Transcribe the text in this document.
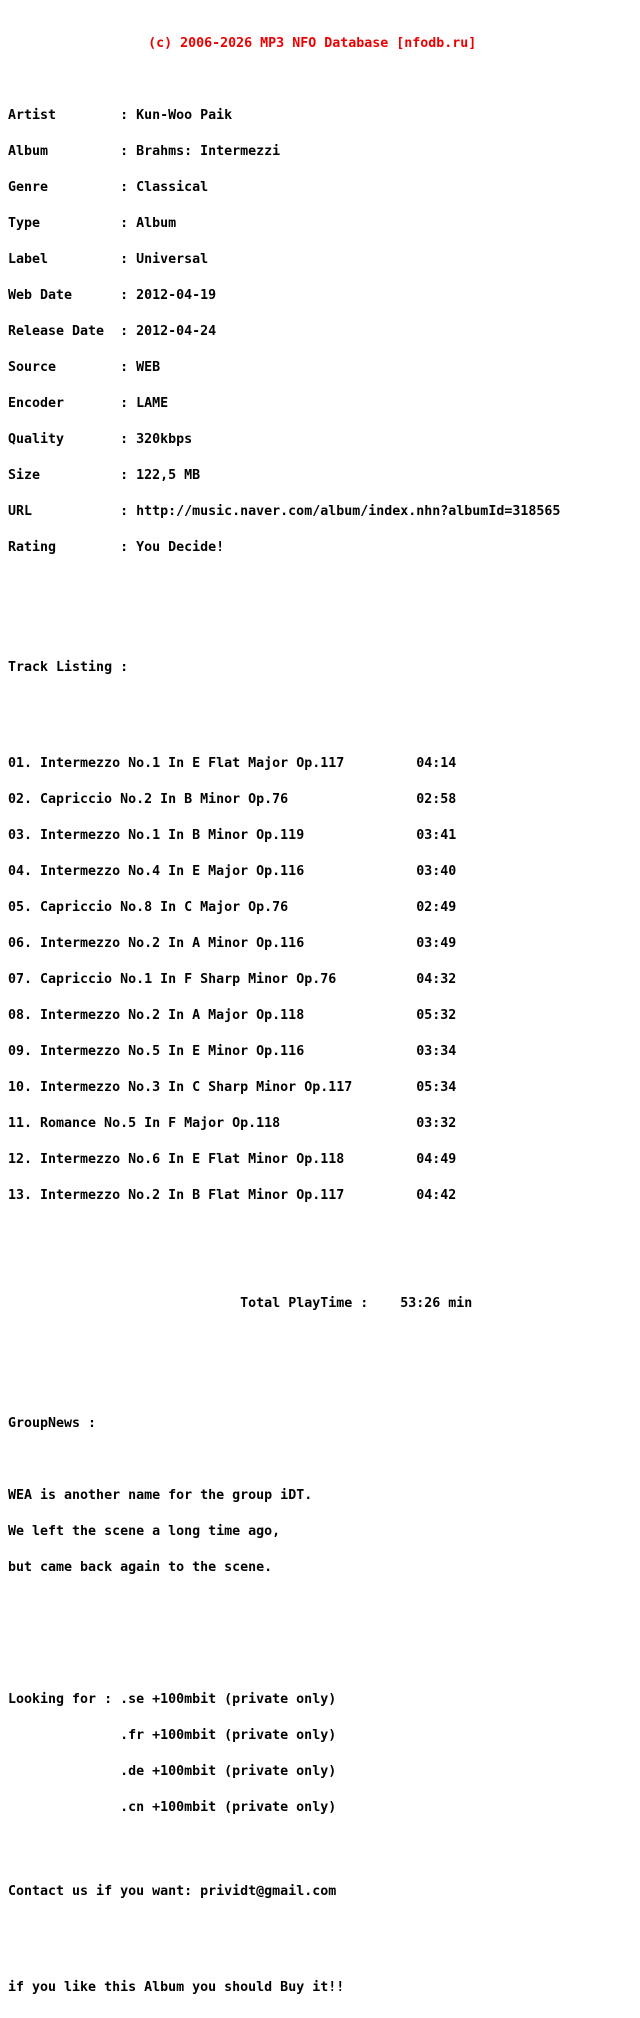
(c) 2006-2026 MP3 NFO Database [nfodb.ru]

Artist	: Kun-Woo Paik

Album	: Brahms: Intermezzi

Genre	: Classical

Type	: Album

Label	: Universal

Web Date	: 2012-04-19

Release Date : 2012-04-24

Source	: WEB

Encoder	: LAME

Quality	: 320kbps

Size	: 122,5 MB

URL	: http://music.naver.com/album/index.nhn?albumId=318565

Rating	: You Decide!

Track Listing :

01. Intermezzo No.1 In E Flat Major Op.117	04:14

02. Capriccio No.2 In B Minor Op.76	02:58

03. Intermezzo No.1 In B Minor Op.119	03:41

04. Intermezzo No.4 In E Major Op.116	03:40

05. Capriccio No.8 In C Major Op.76	02:49

06. Intermezzo No.2 In A Minor Op.116	03:49

07. Capriccio No.1 In F Sharp Minor Op.76	04:32

08. Intermezzo No.2 In A Major Op.118	05:32

09. Intermezzo No.5 In E Minor Op.116	03:34

10. Intermezzo No.3 In C Sharp Minor Op.117	05:34

11. Romance No.5 In F Major Op.118	03:32

12. Intermezzo No.6 In E Flat Minor Op.118	04:49

13. Intermezzo No.2 In B Flat Minor Op.117	04:42

Total PlayTime : 53:26 min

GroupNews :

WEA is another name for the group iDT.

We left the scene a long time ago,

but came back again to the scene.

Looking for : .se +100mbit (private only)

.fr +100mbit (private only)

.de +100mbit (private only)

.cn +100mbit (private only)

Contact us if you want: prividt@gmail.com

if you like this Album you should Buy it!!
